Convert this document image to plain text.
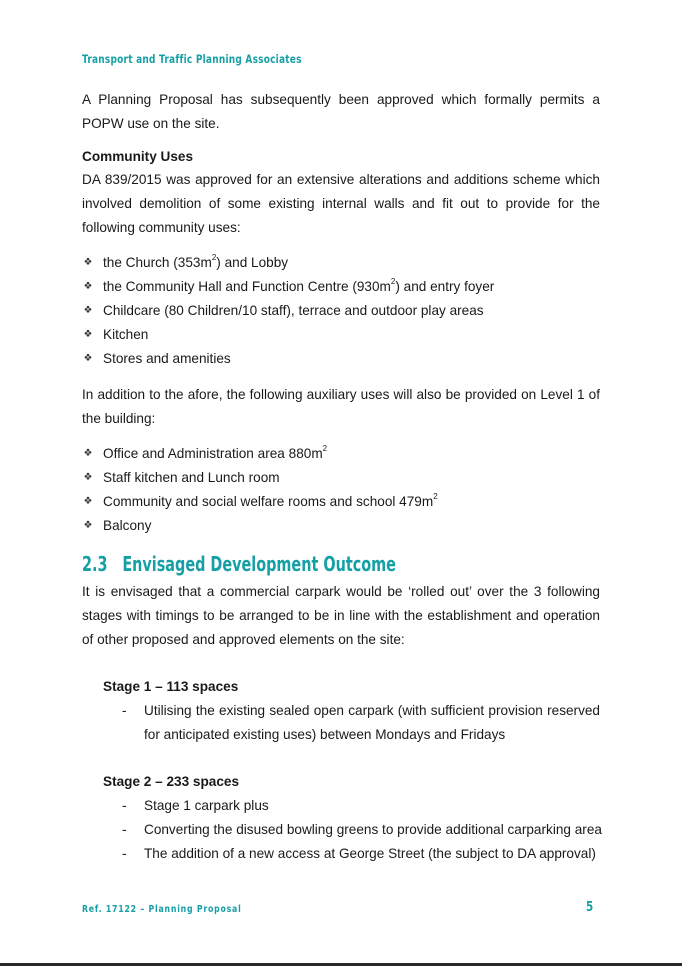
Transport and Traffic Planning Associates

A Planning Proposal has subsequently been approved which formally permits a POPW use on the site.

Community Uses

DA 839/2015 was approved for an extensive alterations and additions scheme which involved demolition of some existing internal walls and fit out to provide for the following community uses:

❖ the Church $(353m^2)$ and Lobby
❖ the Community Hall and Function Centre $(930m^2)$ and entry foyer
❖ Childcare (80 Children/10 staff), terrace and outdoor play areas
❖ Kitchen
❖ Stores and amenities

In addition to the afore, the following auxiliary uses will also be provided on Level 1 of the building:

❖ Office and Administration area $880m^2$
❖ Staff kitchen and Lunch room
❖ Community and social welfare rooms and school $479m^2$
❖ Balcony
2.3 Envisaged Development Outcome

It is envisaged that a commercial carpark would be ‘rolled out’ over the 3 following stages with timings to be arranged to be in line with the establishment and operation of other proposed and approved elements on the site:

Stage 1 – 113 spaces
- Utilising the existing sealed open carpark (with sufficient provision reserved for anticipated existing uses) between Mondays and Fridays
Stage 2 – 233 spaces
- Stage 1 carpark plus
- Converting the disused bowling greens to provide additional carparking area
- The addition of a new access at George Street (the subject to DA approval)
Ref. 17122 – Planning Proposal	5
